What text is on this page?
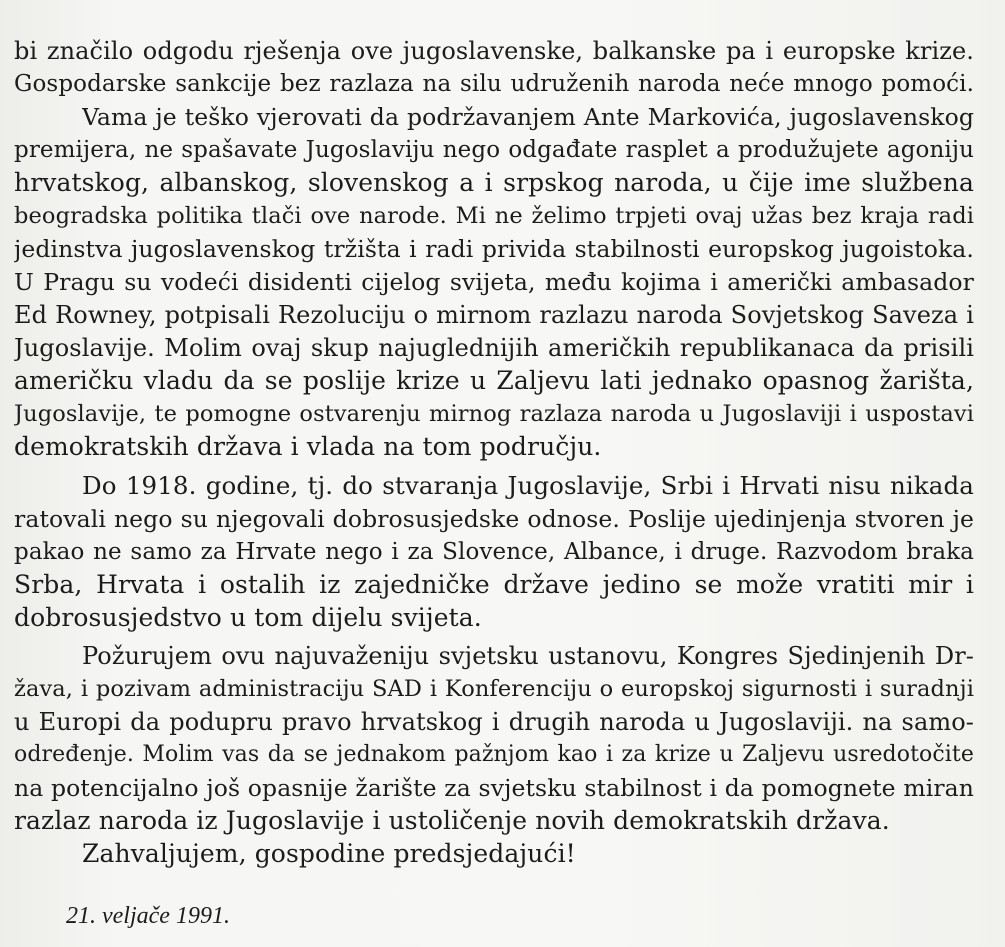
bi značilo odgodu rješenja ove jugoslavenske, balkanske pa i europske krize.
Gospodarske sankcije bez razlaza na silu udruženih naroda neće mnogo pomoći.
Vama je teško vjerovati da podržavanjem Ante Markovića, jugoslavenskog
premijera, ne spašavate Jugoslaviju nego odgađate rasplet a produžujete agoniju
hrvatskog, albanskog, slovenskog a i srpskog naroda, u čije ime službena
beogradska politika tlači ove narode. Mi ne želimo trpjeti ovaj užas bez kraja radi
jedinstva jugoslavenskog tržišta i radi privida stabilnosti europskog jugoistoka.
U Pragu su vodeći disidenti cijelog svijeta, među kojima i američki ambasador
Ed Rowney, potpisali Rezoluciju o mirnom razlazu naroda Sovjetskog Saveza i
Jugoslavije. Molim ovaj skup najuglednijih američkih republikanaca da prisili
američku vladu da se poslije krize u Zaljevu lati jednako opasnog žarišta,
Jugoslavije, te pomogne ostvarenju mirnog razlaza naroda u Jugoslaviji i uspostavi
demokratskih država i vlada na tom području.
Do 1918. godine, tj. do stvaranja Jugoslavije, Srbi i Hrvati nisu nikada
ratovali nego su njegovali dobrosusjedske odnose. Poslije ujedinjenja stvoren je
pakao ne samo za Hrvate nego i za Slovence, Albance, i druge. Razvodom braka
Srba, Hrvata i ostalih iz zajedničke države jedino se može vratiti mir i
dobrosusjedstvo u tom dijelu svijeta.
Požurujem ovu najuvaženiju svjetsku ustanovu, Kongres Sjedinjenih Dr-
žava, i pozivam administraciju SAD i Konferenciju o europskoj sigurnosti i suradnji
u Europi da podupru pravo hrvatskog i drugih naroda u Jugoslaviji. na samo-
određenje. Molim vas da se jednakom pažnjom kao i za krize u Zaljevu usredotočite
na potencijalno još opasnije žarište za svjetsku stabilnost i da pomognete miran
razlaz naroda iz Jugoslavije i ustoličenje novih demokratskih država.
Zahvaljujem, gospodine predsjedajući!
21. veljače 1991.
